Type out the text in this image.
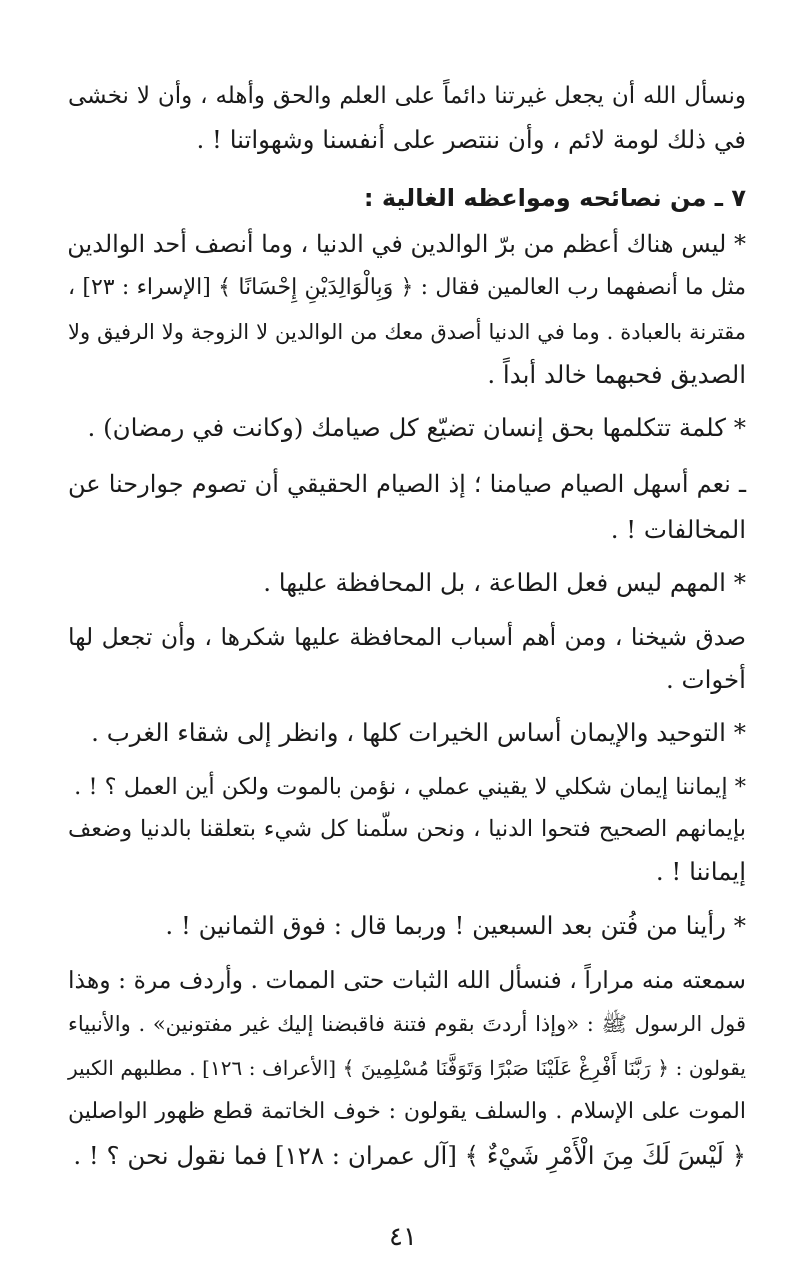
ونسأل الله أن يجعل غيرتنا دائماً على العلم والحق وأهله ، وأن لا نخشى
في ذلك لومة لائم ، وأن ننتصر على أنفسنا وشهواتنا ! .
٧ ـ من نصائحه ومواعظه الغالية :
* ليس هناك أعظم من برّ الوالدين في الدنيا ، وما أنصف أحد الوالدين
مثل ما أنصفهما رب العالمين فقال : ﴿ وَبِالْوَالِدَيْنِ إِحْسَانًا ﴾ [الإسراء : ٢٣] ،
مقترنة بالعبادة . وما في الدنيا أصدق معك من الوالدين لا الزوجة ولا الرفيق ولا
الصديق فحبهما خالد أبداً .
* كلمة تتكلمها بحق إنسان تضيّع كل صيامك (وكانت في رمضان) .
ـ نعم أسهل الصيام صيامنا ؛ إذ الصيام الحقيقي أن تصوم جوارحنا عن
المخالفات ! .
* المهم ليس فعل الطاعة ، بل المحافظة عليها .
صدق شيخنا ، ومن أهم أسباب المحافظة عليها شكرها ، وأن تجعل لها
أخوات .
* التوحيد والإيمان أساس الخيرات كلها ، وانظر إلى شقاء الغرب .
* إيماننا إيمان شكلي لا يقيني عملي ، نؤمن بالموت ولكن أين العمل ؟ ! .
بإيمانهم الصحيح فتحوا الدنيا ، ونحن سلّمنا كل شيء بتعلقنا بالدنيا وضعف
إيماننا ! .
* رأينا من فُتن بعد السبعين ! وربما قال : فوق الثمانين ! .
سمعته منه مراراً ، فنسأل الله الثبات حتى الممات . وأردف مرة : وهذا
قول الرسول ﷺ : «وإذا أردتَ بقوم فتنة فاقبضنا إليك غير مفتونين» . والأنبياء
يقولون : ﴿ رَبَّنَا أَفْرِغْ عَلَيْنَا صَبْرًا وَتَوَفَّنَا مُسْلِمِينَ ﴾ [الأعراف : ١٢٦] . مطلبهم الكبير
الموت على الإسلام . والسلف يقولون : خوف الخاتمة قطع ظهور الواصلين
﴿ لَيْسَ لَكَ مِنَ الْأَمْرِ شَيْءٌ ﴾ [آل عمران : ١٢٨] فما نقول نحن ؟ ! .
٤١
